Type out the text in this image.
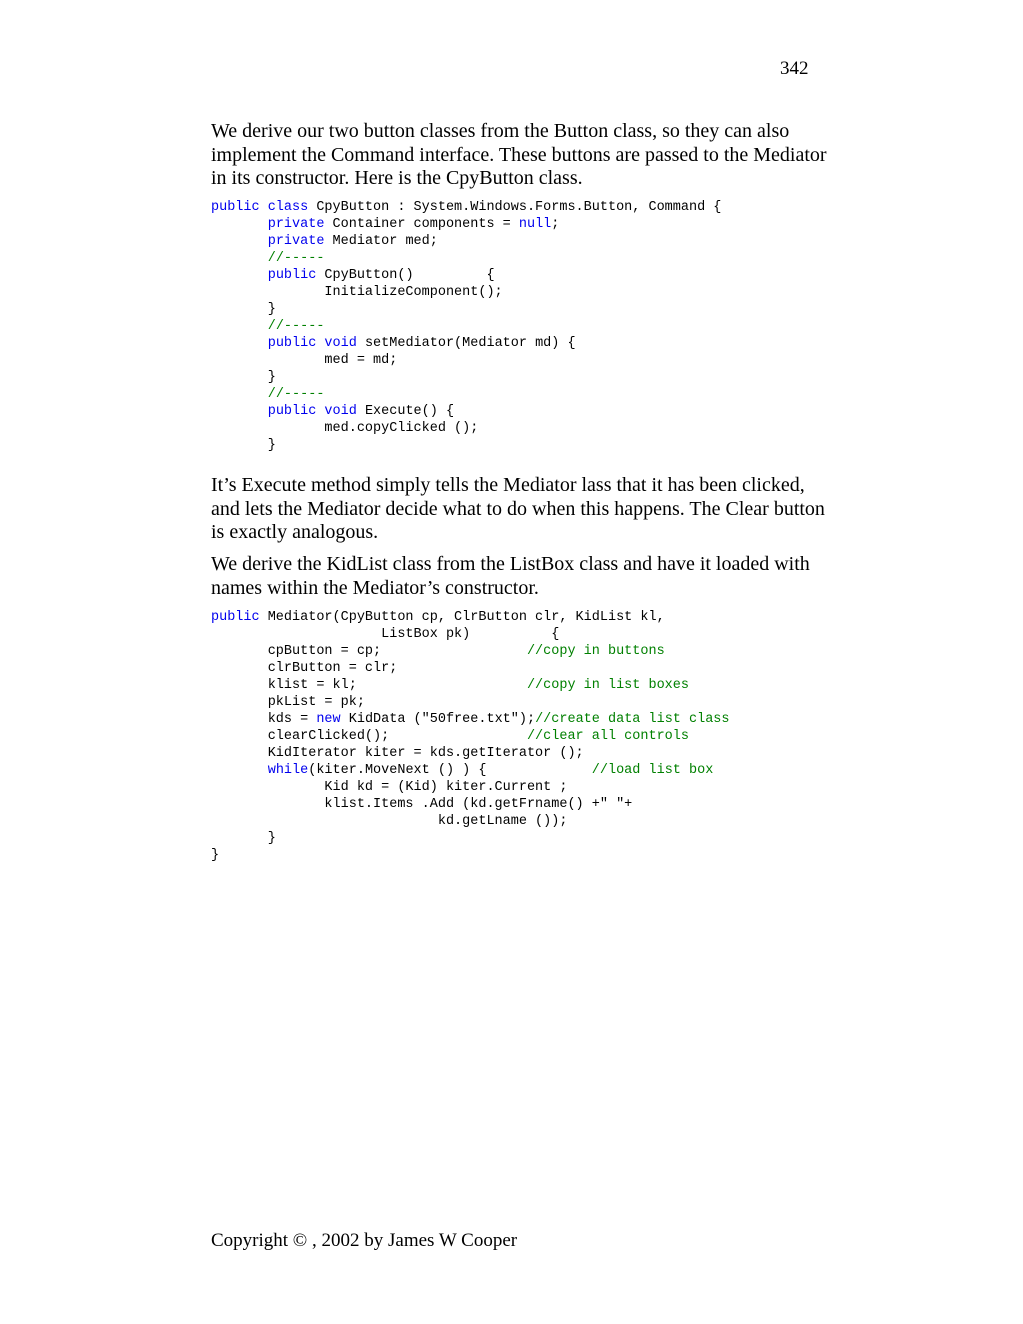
342
We derive our two button classes from the Button class, so they can also implement the Command interface. These buttons are passed to the Mediator in its constructor. Here is the CpyButton class.
public class CpyButton : System.Windows.Forms.Button, Command {
private Container components = null;
private Mediator med;
//-----
public CpyButton()         {
InitializeComponent();
}
//-----
public void setMediator(Mediator md) {
med = md;
}
//-----
public void Execute() {
med.copyClicked ();
}
It’s Execute method simply tells the Mediator lass that it has been clicked, and lets the Mediator decide what to do when this happens. The Clear button is exactly analogous.
We derive the KidList class from the ListBox class and have it loaded with names within the Mediator’s constructor.
public Mediator(CpyButton cp, ClrButton clr, KidList kl,
ListBox pk)          {
cpButton = cp;                  //copy in buttons
clrButton = clr;
klist = kl;                     //copy in list boxes
pkList = pk;
kds = new KidData ("50free.txt");//create data list class
clearClicked();                 //clear all controls
KidIterator kiter = kds.getIterator ();
while(kiter.MoveNext () ) {             //load list box
Kid kd = (Kid) kiter.Current ;
klist.Items .Add (kd.getFrname() +" "+
kd.getLname ());
}
}
Copyright © , 2002 by James W Cooper
